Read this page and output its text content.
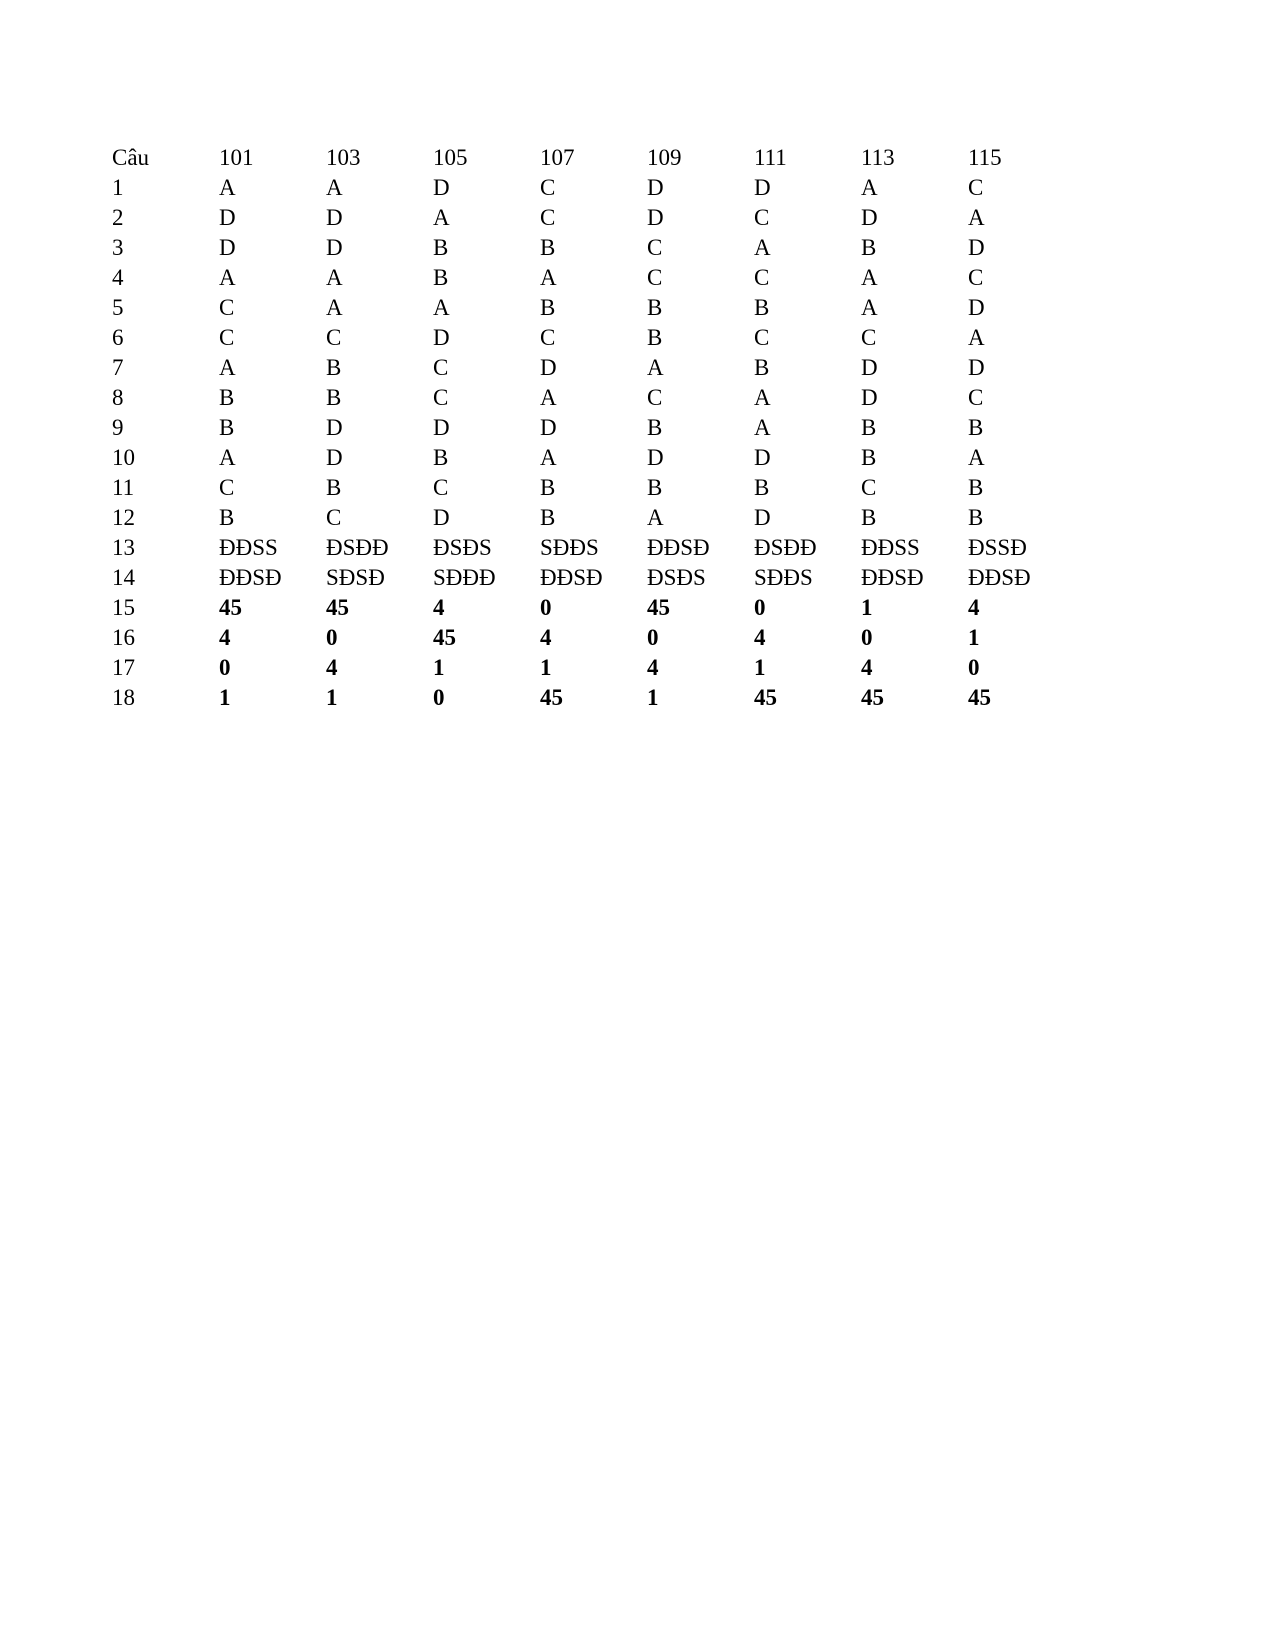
Câu	101	103	105	107	109	111	113	115
1	A	A	D	C	D	D	A	C
2	D	D	A	C	D	C	D	A
3	D	D	B	B	C	A	B	D
4	A	A	B	A	C	C	A	C
5	C	A	A	B	B	B	A	D
6	C	C	D	C	B	C	C	A
7	A	B	C	D	A	B	D	D
8	B	B	C	A	C	A	D	C
9	B	D	D	D	B	A	B	B
10	A	D	B	A	D	D	B	A
11	C	B	C	B	B	B	C	B
12	B	C	D	B	A	D	B	B
13	ĐĐSS	ĐSĐĐ	ĐSĐS	SĐĐS	ĐĐSĐ	ĐSĐĐ	ĐĐSS	ĐSSĐ
14	ĐĐSĐ	SĐSĐ	SĐĐĐ	ĐĐSĐ	ĐSĐS	SĐĐS	ĐĐSĐ	ĐĐSĐ
15	45	45	4	0	45	0	1	4
16	4	0	45	4	0	4	0	1
17	0	4	1	1	4	1	4	0
18	1	1	0	45	1	45	45	45
